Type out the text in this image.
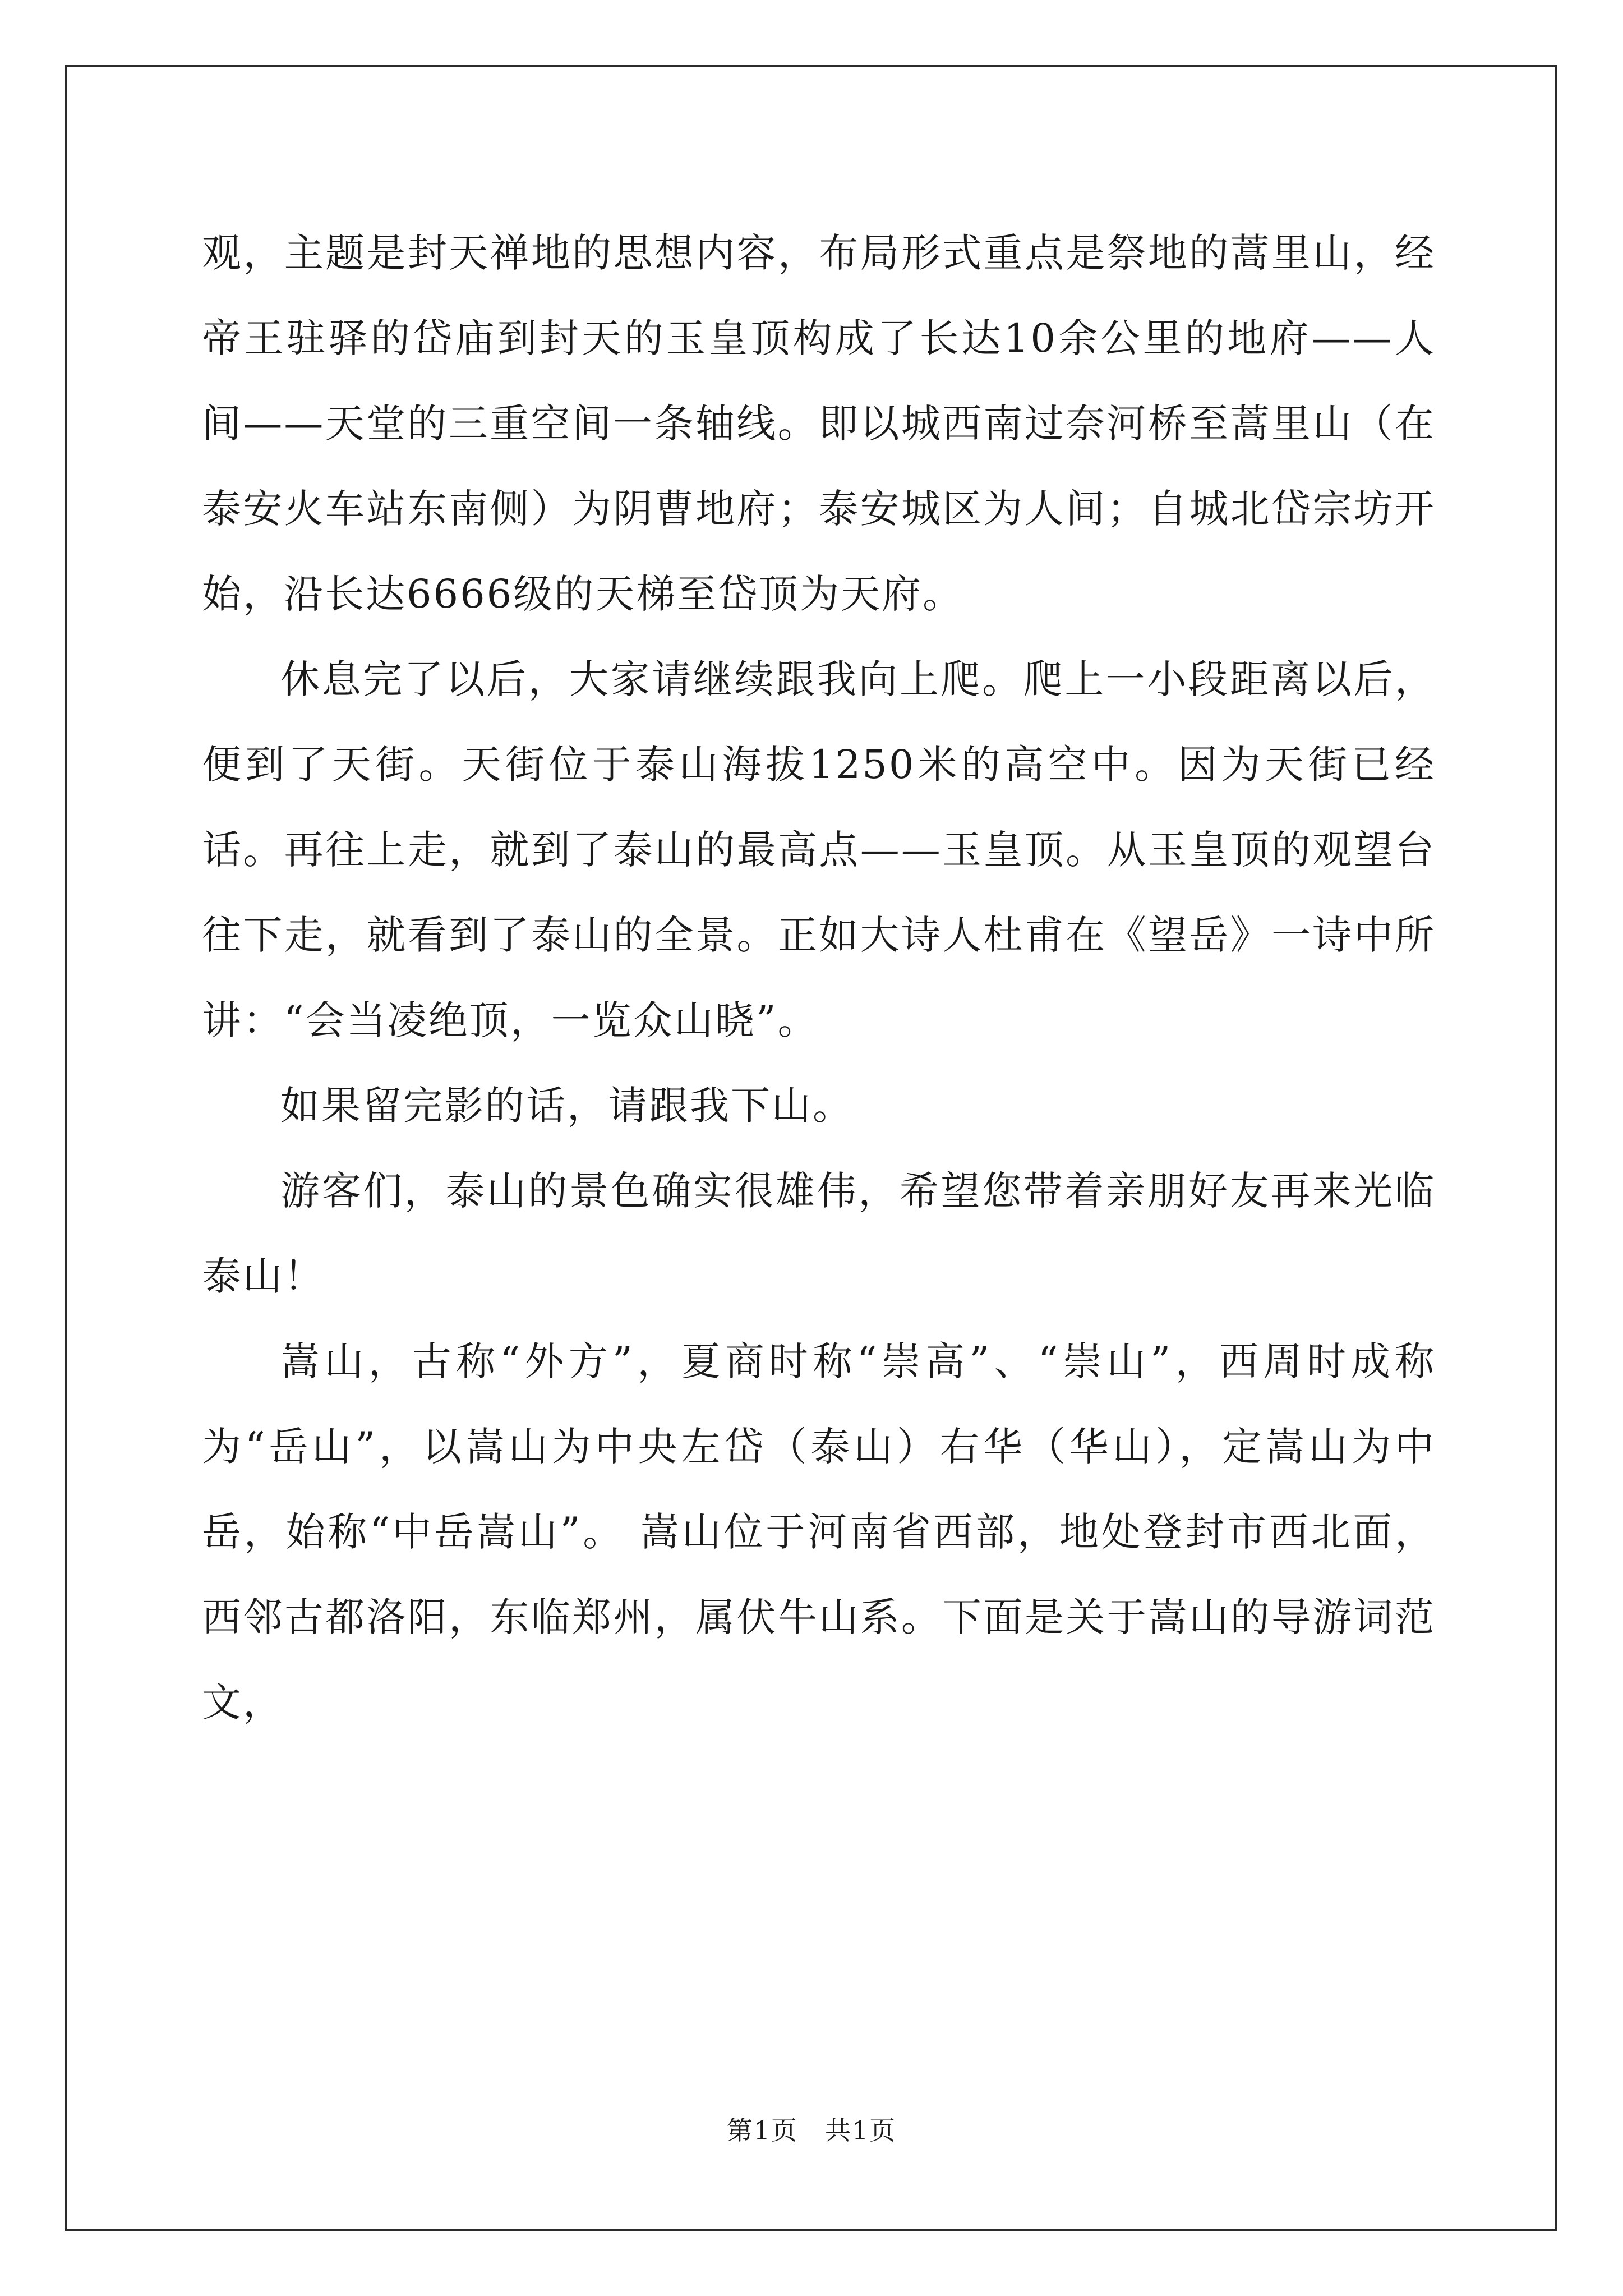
观，主题是封天禅地的思想内容，布局形式重点是祭地的蒿里山，经帝王驻驿的岱庙到封天的玉皇顶构成了长达10余公里的地府——人间——天堂的三重空间一条轴线。即以城西南过奈河桥至蒿里山（在泰安火车站东南侧）为阴曹地府；泰安城区为人间；自城北岱宗坊开始，沿长达6666级的天梯至岱顶为天府。

休息完了以后，大家请继续跟我向上爬。爬上一小段距离以后，便到了天街。天街位于泰山海拔1250米的高空中。因为天街已经话。再往上走，就到了泰山的最高点——玉皇顶。从玉皇顶的观望台往下走，就看到了泰山的全景。正如大诗人杜甫在《望岳》一诗中所讲：“会当凌绝顶，一览众山晓”。

如果留完影的话，请跟我下山。

游客们，泰山的景色确实很雄伟，希望您带着亲朋好友再来光临泰山！

嵩山，古称“外方”，夏商时称“崇高”、“崇山”，西周时成称为“岳山”，以嵩山为中央左岱（泰山）右华（华山），定嵩山为中岳，始称“中岳嵩山”。 嵩山位于河南省西部，地处登封市西北面，西邻古都洛阳，东临郑州，属伏牛山系。下面是关于嵩山的导游词范文，

第1页　共1页
